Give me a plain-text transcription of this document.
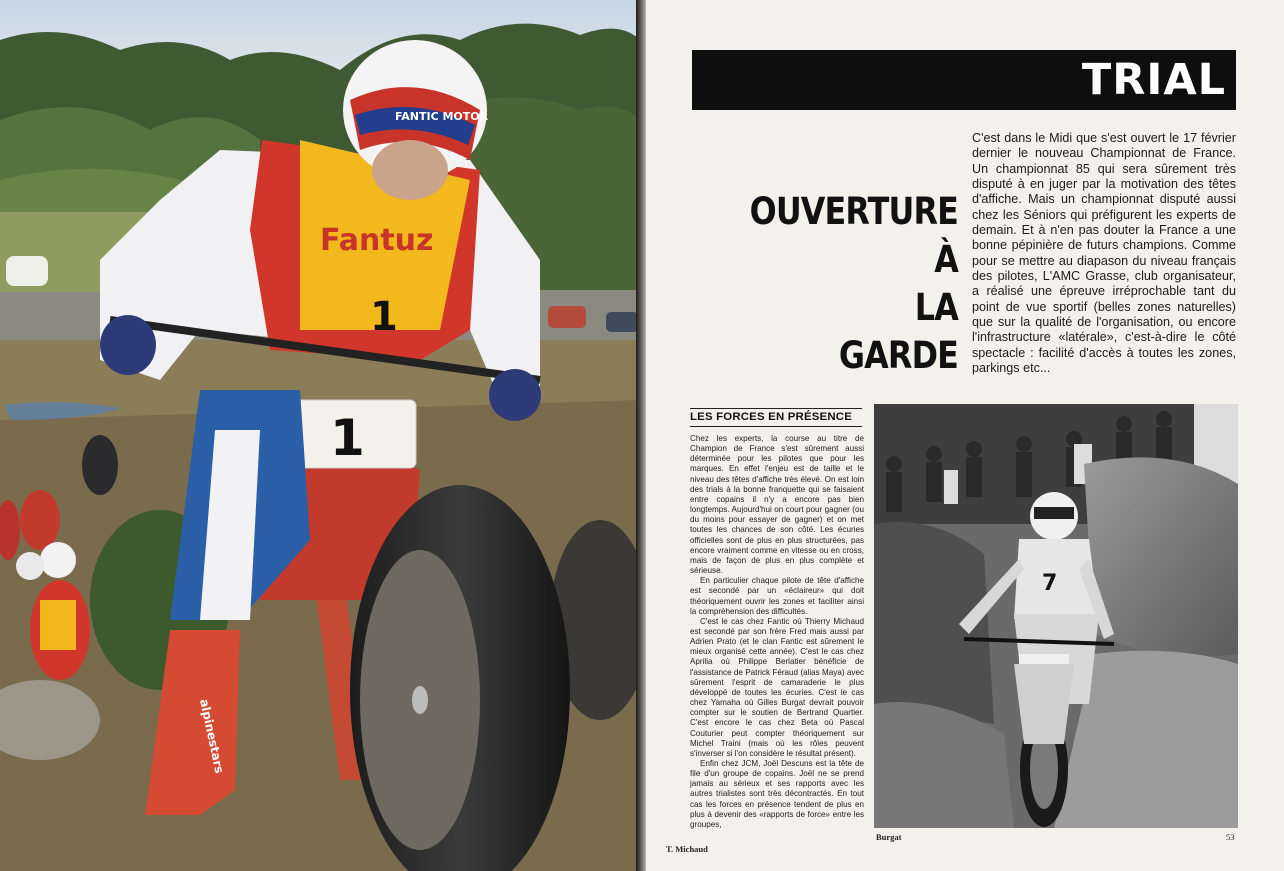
1
Fantuz
1
alpinestars
FANTIC MOTOR
TRIAL
OUVERTURE
À
LA
GARDE
C'est dans le Midi que s'est ouvert le 17 février dernier le nouveau Championnat de France. Un championnat 85 qui sera sûrement très disputé à en juger par la motivation des têtes d'affiche. Mais un championnat disputé aussi chez les Séniors qui préfigurent les experts de demain. Et à n'en pas douter la France a une bonne pépinière de futurs champions. Comme pour se mettre au diapason du niveau français des pilotes, L'AMC Grasse, club organisateur, a réalisé une épreuve irréprochable tant du point de vue sportif (belles zones naturelles) que sur la qualité de l'organisation, ou encore l'infrastructure «latérale», c'est-à-dire le côté spectacle : facilité d'accès à toutes les zones, parkings etc...
LES FORCES EN PRÉSENCE

Chez les experts, la course au titre de Champion de France s'est sûrement aussi déterminée pour les pilotes que pour les marques. En effet l'enjeu est de taille et le niveau des têtes d'affiche très élevé. On est loin des trials à la bonne franquette qui se faisaient entre copains il n'y a encore pas bien longtemps. Aujourd'hui on court pour gagner (ou du moins pour essayer de gagner) et on met toutes les chances de son côté. Les écuries officielles sont de plus en plus structurées, pas encore vraiment comme en vitesse ou en cross, mais de façon de plus en plus complète et sérieuse.

En particulier chaque pilote de tête d'affiche est secondé par un «éclaireur» qui doit théoriquement ouvrir les zones et faciliter ainsi la compréhension des difficultés.

C'est le cas chez Fantic où Thierry Michaud est secondé par son frère Fred mais aussi par Adrien Prato (et le clan Fantic est sûrement le mieux organisé cette année). C'est le cas chez Aprilia où Philippe Berlatier bénéficie de l'assistance de Patrick Féraud (alias Maya) avec sûrement l'esprit de camaraderie le plus développé de toutes les écuries. C'est le cas chez Yamaha où Gilles Burgat devrait pouvoir compter sur le soutien de Bertrand Quartier. C'est encore le cas chez Beta où Pascal Couturier peut compter théoriquement sur Michel Traini (mais où les rôles peuvent s'inverser si l'on considère le résultat présent).

Enfin chez JCM, Joël Descuns est la tête de file d'un groupe de copains. Joël ne se prend jamais au sérieux et ses rapports avec les autres trialistes sont très décontractés. En tout cas les forces en présence tendent de plus en plus à devenir des «rapports de force» entre les groupes,

7
Burgat	53
T. Michaud
